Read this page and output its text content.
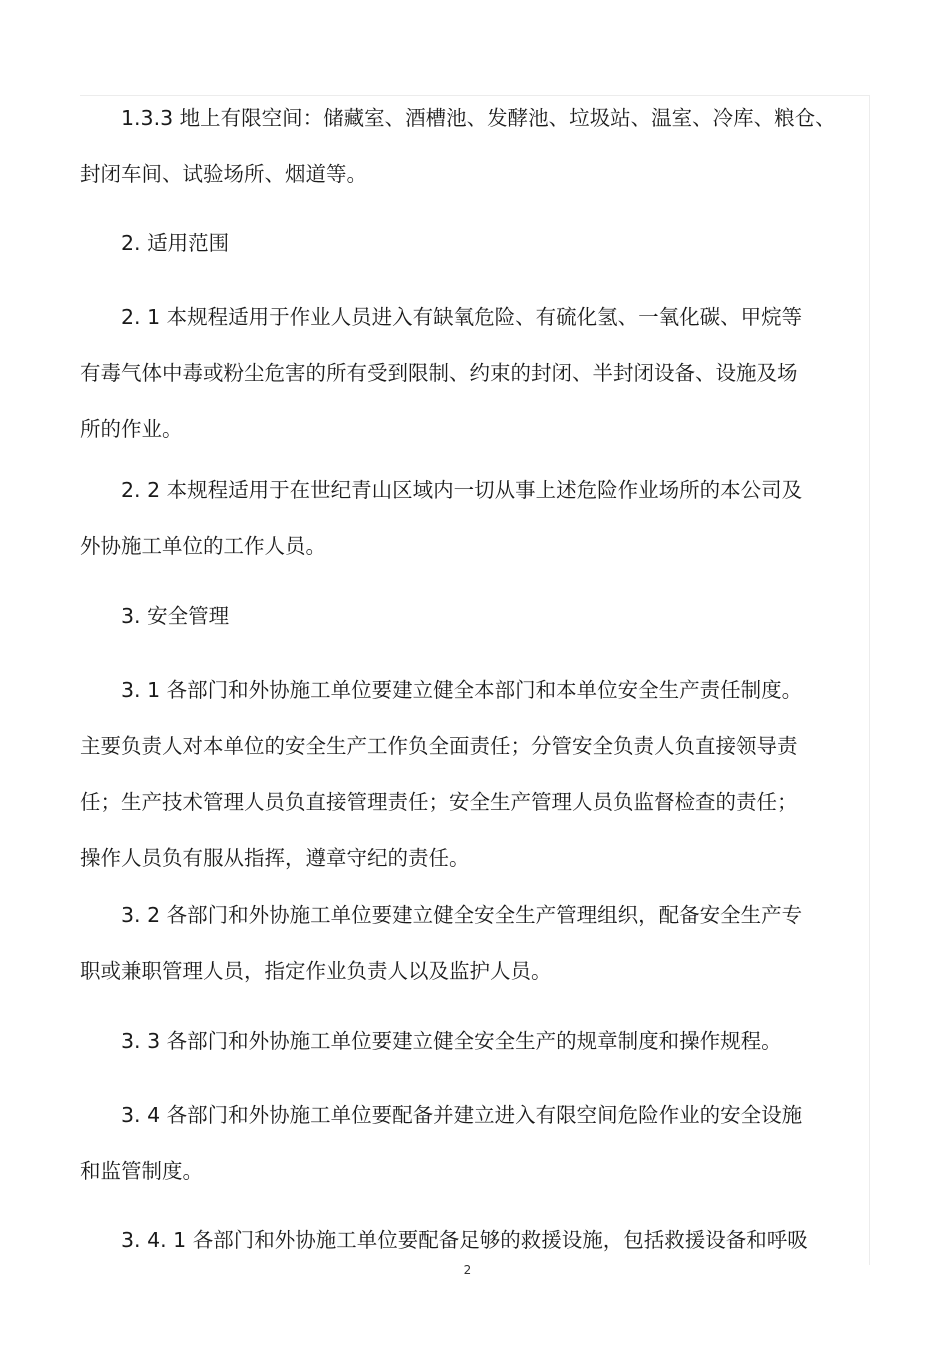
1.3.3 地上有限空间：储藏室、酒槽池、发酵池、垃圾站、温室、冷库、粮仓、
封闭车间、试验场所、烟道等。
2. 适用范围
2. 1 本规程适用于作业人员进入有缺氧危险、有硫化氢、一氧化碳、甲烷等
有毒气体中毒或粉尘危害的所有受到限制、约束的封闭、半封闭设备、设施及场
所的作业。
2. 2 本规程适用于在世纪青山区域内一切从事上述危险作业场所的本公司及
外协施工单位的工作人员。
3. 安全管理
3. 1 各部门和外协施工单位要建立健全本部门和本单位安全生产责任制度。
主要负责人对本单位的安全生产工作负全面责任；分管安全负责人负直接领导责
任；生产技术管理人员负直接管理责任；安全生产管理人员负监督检查的责任；
操作人员负有服从指挥，遵章守纪的责任。
3. 2 各部门和外协施工单位要建立健全安全生产管理组织，配备安全生产专
职或兼职管理人员，指定作业负责人以及监护人员。
3. 3 各部门和外协施工单位要建立健全安全生产的规章制度和操作规程。
3. 4 各部门和外协施工单位要配备并建立进入有限空间危险作业的安全设施
和监管制度。
3. 4. 1 各部门和外协施工单位要配备足够的救援设施，包括救援设备和呼吸
2
